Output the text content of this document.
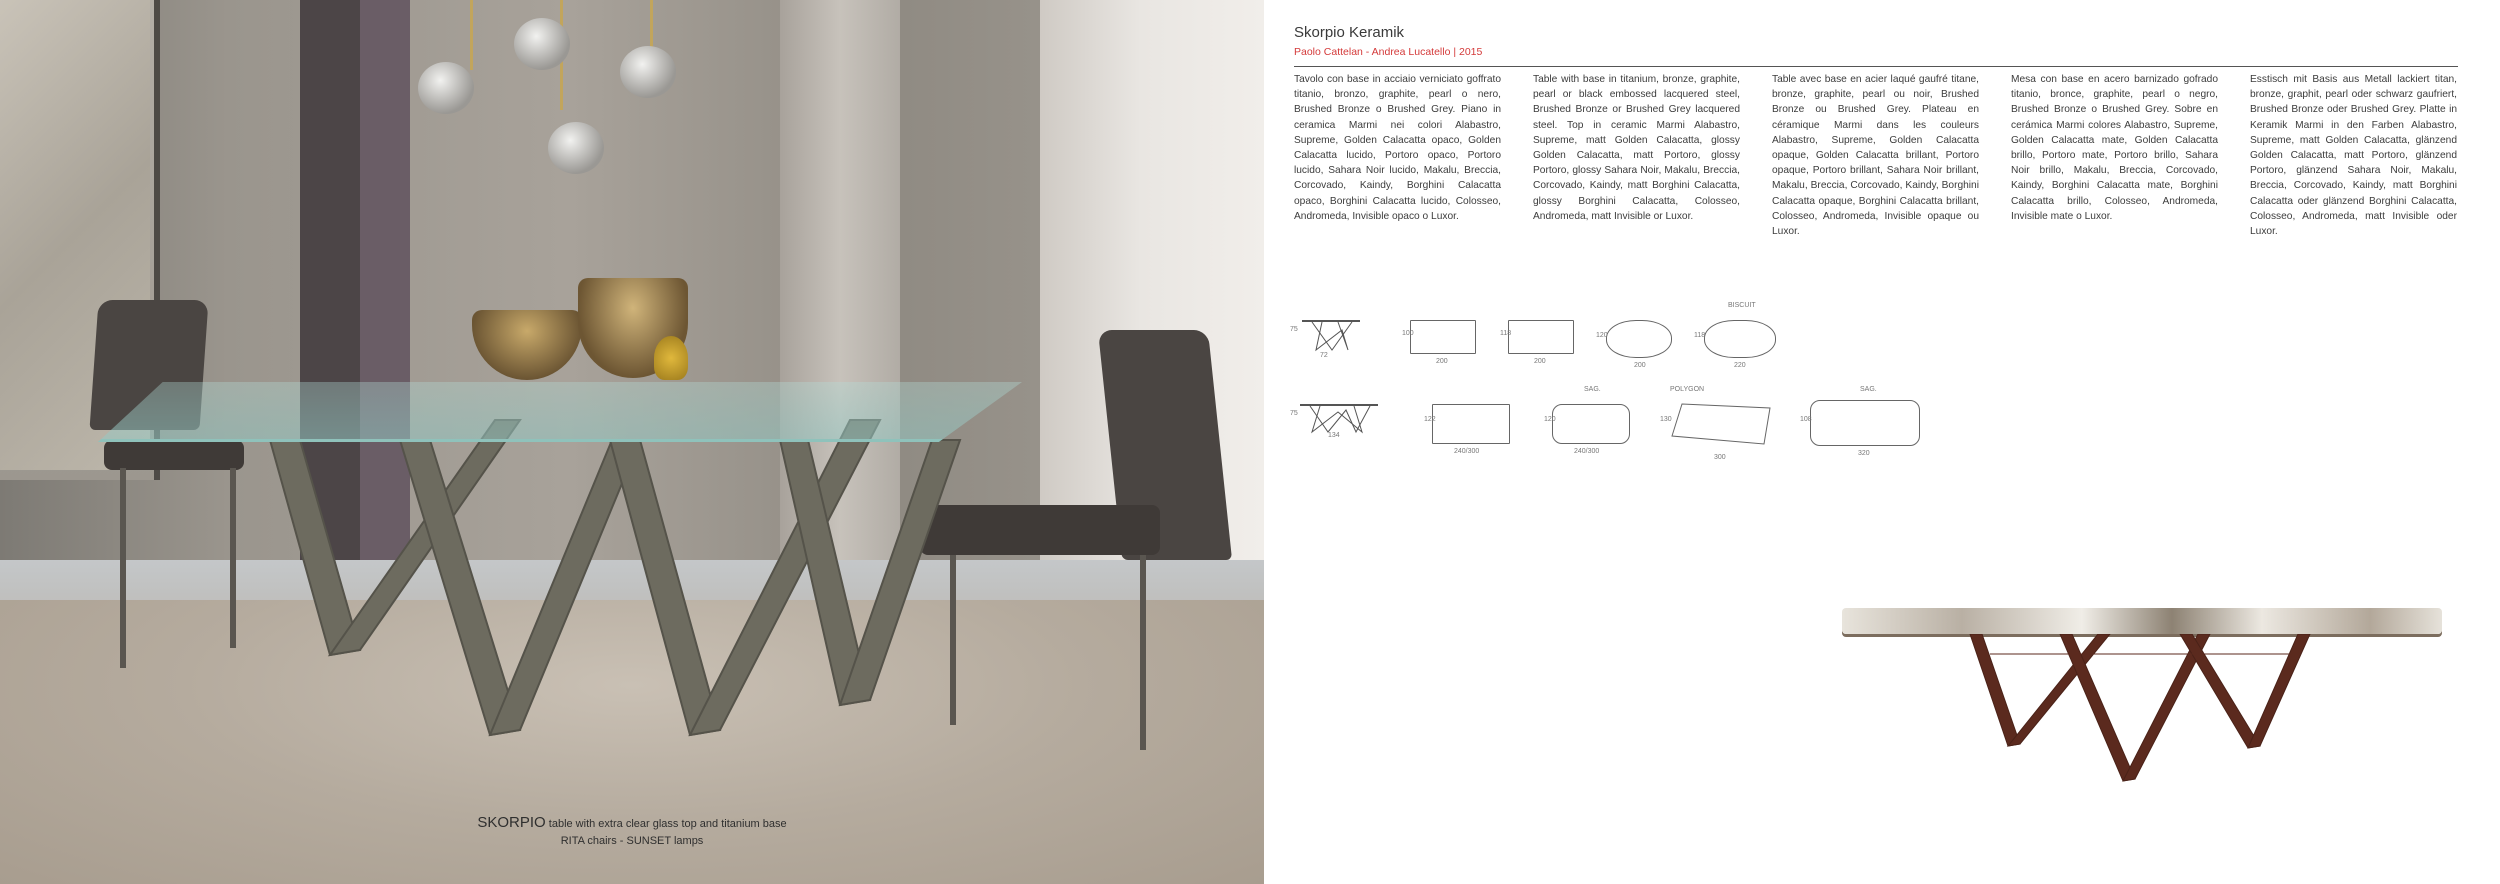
SKORPIO table with extra clear glass top and titanium base
RITA chairs - SUNSET lamps
Skorpio Keramik
Paolo Cattelan - Andrea Lucatello | 2015
Tavolo con base in acciaio verniciato goffrato titanio, bronzo, graphite, pearl o nero, Brushed Bronze o Brushed Grey. Piano in ceramica Marmi nei colori Alabastro, Supreme, Golden Calacatta opaco, Golden Calacatta lucido, Portoro opaco, Portoro lucido, Sahara Noir lucido, Makalu, Breccia, Corcovado, Kaindy, Borghini Calacatta opaco, Borghini Calacatta lucido, Colosseo, Andromeda, Invisible opaco o Luxor.
Table with base in titanium, bronze, graphite, pearl or black embossed lacquered steel, Brushed Bronze or Brushed Grey lacquered steel. Top in ceramic Marmi Alabastro, Supreme, matt Golden Calacatta, glossy Golden Calacatta, matt Portoro, glossy Portoro, glossy Sahara Noir, Makalu, Breccia, Corcovado, Kaindy, matt Borghini Calacatta, glossy Borghini Calacatta, Colosseo, Andromeda, matt Invisible or Luxor.
Table avec base en acier laqué gaufré titane, bronze, graphite, pearl ou noir, Brushed Bronze ou Brushed Grey. Plateau en céramique Marmi dans les couleurs Alabastro, Supreme, Golden Calacatta opaque, Golden Calacatta brillant, Portoro opaque, Portoro brillant, Sahara Noir brillant, Makalu, Breccia, Corcovado, Kaindy, Borghini Calacatta opaque, Borghini Calacatta brillant, Colosseo, Andromeda, Invisible opaque ou Luxor.
Mesa con base en acero barnizado gofrado titanio, bronce, graphite, pearl o negro, Brushed Bronze o Brushed Grey. Sobre en cerámica Marmi colores Alabastro, Supreme, Golden Calacatta mate, Golden Calacatta brillo, Portoro mate, Portoro brillo, Sahara Noir brillo, Makalu, Breccia, Corcovado, Kaindy, Borghini Calacatta mate, Borghini Calacatta brillo, Colosseo, Andromeda, Invisible mate o Luxor.
Esstisch mit Basis aus Metall lackiert titan, bronze, graphit, pearl oder schwarz gaufriert, Brushed Bronze oder Brushed Grey. Platte in Keramik Marmi in den Farben Alabastro, Supreme, matt Golden Calacatta, glänzend Golden Calacatta, matt Portoro, glänzend Portoro, glänzend Sahara Noir, Makalu, Breccia, Corcovado, Kaindy, matt Borghini Calacatta oder glänzend Borghini Calacatta, Colosseo, Andromeda, matt Invisible oder Luxor.
75
72
100
200
118
200
120
200
BISCUIT
118
220
75
134
122
240/300
SAG.
120
240/300
POLYGON
130
300
SAG.
108
320
